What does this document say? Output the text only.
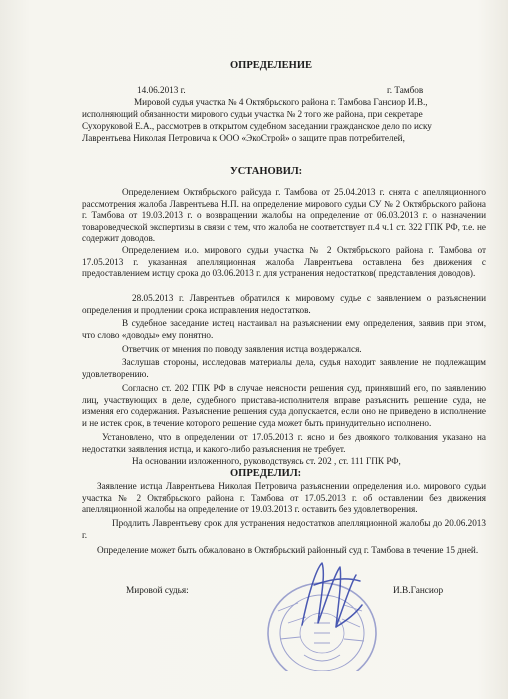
ОПРЕДЕЛЕНИЕ
14.06.2013 г.	г. Тамбов
Мировой судья участка № 4 Октябрьского района г. Тамбова Гансиор И.В.,
исполняющий обязанности мирового судьи участка № 2 того же района, при секретаре
Сухоруковой Е.А., рассмотрев в открытом судебном заседании гражданское дело по иску
Лаврентьева Николая Петровича к ООО «ЭкоСтрой» о защите прав потребителей,
УСТАНОВИЛ:
Определением Октябрьского райсуда г. Тамбова от 25.04.2013 г. снята с апелляционного рассмотрения жалоба Лаврентьева Н.П. на определение мирового судьи СУ № 2 Октябрьского района г. Тамбова от 19.03.2013 г. о возвращении жалобы на определение от 06.03.2013 г. о назначении товароведческой экспертизы в связи с тем, что жалоба не соответствует п.4 ч.1 ст. 322 ГПК РФ, т.е. не содержит доводов.
Определением и.о. мирового судьи участка № 2 Октябрьского района г. Тамбова от 17.05.2013 г. указанная апелляционная жалоба Лаврентьева оставлена без движения с предоставлением истцу срока до 03.06.2013 г. для устранения недостатков( представления доводов).
28.05.2013 г. Лаврентьев обратился к мировому судье с заявлением о разъяснении определения и продлении срока исправления недостатков.
В судебное заседание истец настаивал на разъяснении ему определения, заявив при этом, что слово «доводы» ему понятно.
Ответчик от мнения по поводу заявления истца воздержался.
Заслушав стороны, исследовав материалы дела, судья находит заявление не подлежащим удовлетворению.
Согласно ст. 202 ГПК РФ в случае неясности решения суд, принявший его, по заявлению лиц, участвующих в деле, судебного пристава-исполнителя вправе разъяснить решение суда, не изменяя его содержания. Разъяснение решения суда допускается, если оно не приведено в исполнение и не истек срок, в течение которого решение суда может быть принудительно исполнено.
Установлено, что в определении от 17.05.2013 г. ясно и без двоякого толкования указано на недостатки заявления истца, и какого-либо разъяснения не требует.
На основании изложенного, руководствуясь ст. 202 , ст. 111 ГПК РФ,
ОПРЕДЕЛИЛ:
Заявление истца Лаврентьева Николая Петровича разъяснении определения и.о. мирового судьи участка № 2 Октябрьского района г. Тамбова от 17.05.2013 г. об оставлении без движения апелляционной жалобы на определение от 19.03.2013 г. оставить без удовлетворения.
Продлить Лаврентьеву срок для устранения недостатков апелляционной жалобы до 20.06.2013 г.
Определение может быть обжаловано в Октябрьский районный суд г. Тамбова в течение 15 дней.
Мировой судья:	И.В.Гансиор
